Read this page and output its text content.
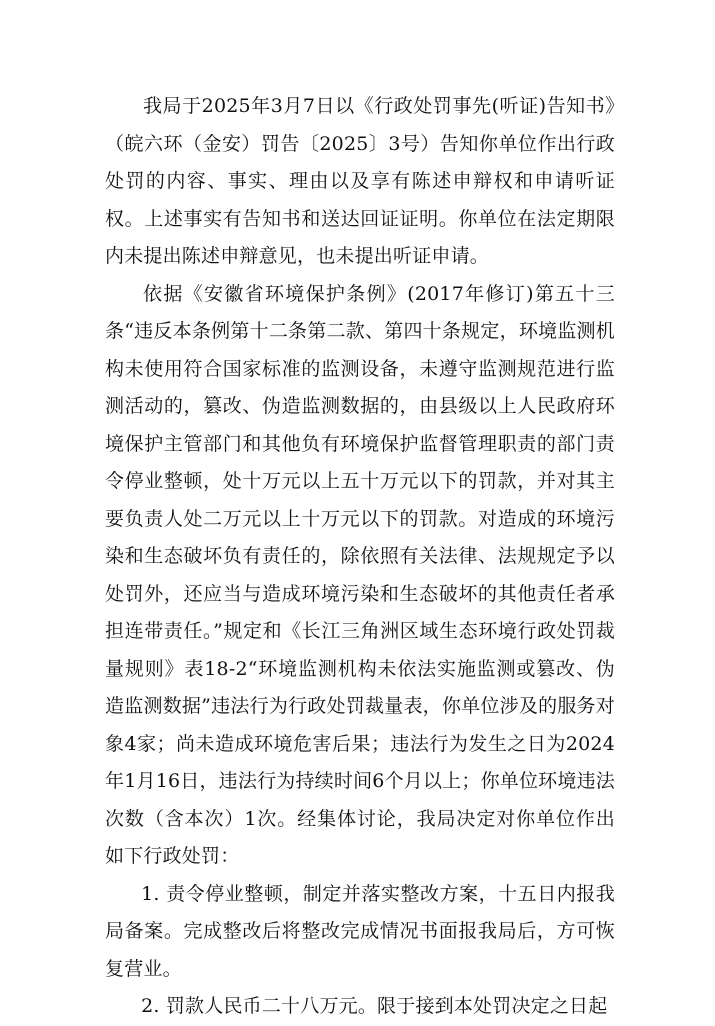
我局于2025年3月7日以《行政处罚事先(听证)告知书》（皖六环（金安）罚告〔2025〕3号）告知你单位作出行政处罚的内容、事实、理由以及享有陈述申辩权和申请听证权。上述事实有告知书和送达回证证明。你单位在法定期限内未提出陈述申辩意见，也未提出听证申请。

依据《安徽省环境保护条例》(2017年修订)第五十三条“违反本条例第十二条第二款、第四十条规定，环境监测机构未使用符合国家标准的监测设备，未遵守监测规范进行监测活动的，篡改、伪造监测数据的，由县级以上人民政府环境保护主管部门和其他负有环境保护监督管理职责的部门责令停业整顿，处十万元以上五十万元以下的罚款，并对其主要负责人处二万元以上十万元以下的罚款。对造成的环境污染和生态破坏负有责任的，除依照有关法律、法规规定予以处罚外，还应当与造成环境污染和生态破坏的其他责任者承担连带责任。”规定和《长江三角洲区域生态环境行政处罚裁量规则》表18-2“环境监测机构未依法实施监测或篡改、伪造监测数据”违法行为行政处罚裁量表，你单位涉及的服务对象4家；尚未造成环境危害后果；违法行为发生之日为2024年1月16日，违法行为持续时间6个月以上；你单位环境违法次数（含本次）1次。经集体讨论，我局决定对你单位作出如下行政处罚：

1. 责令停业整顿，制定并落实整改方案，十五日内报我局备案。完成整改后将整改完成情况书面报我局后，方可恢复营业。

2. 罚款人民币二十八万元。限于接到本处罚决定之日起
